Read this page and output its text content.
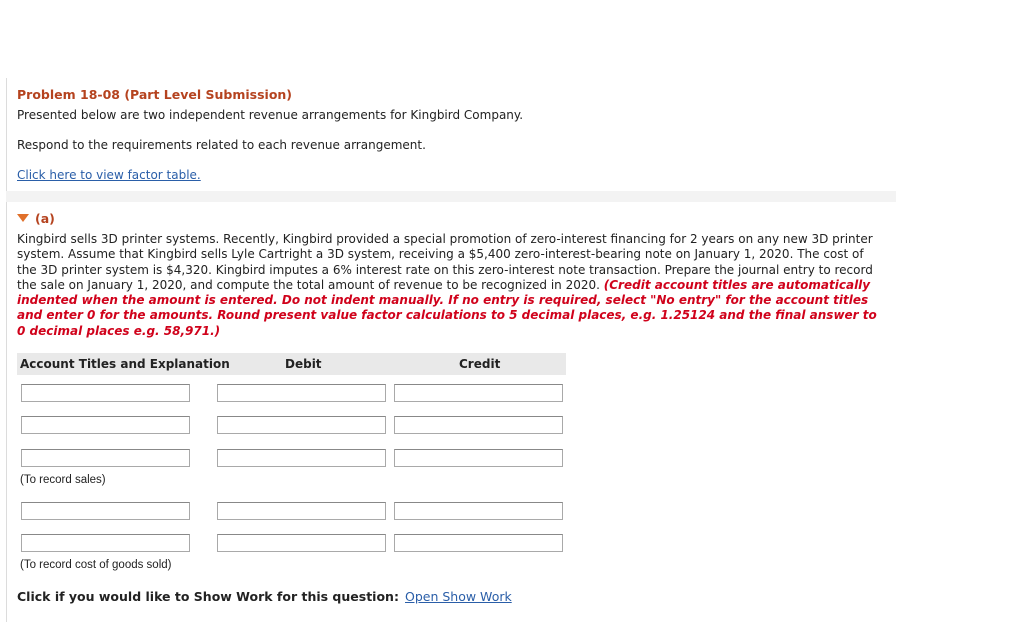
Problem 18-08 (Part Level Submission)
Presented below are two independent revenue arrangements for Kingbird Company.
Respond to the requirements related to each revenue arrangement.
Click here to view factor table.
(a)
Kingbird sells 3D printer systems. Recently, Kingbird provided a special promotion of zero-interest financing for 2 years on any new 3D printer system. Assume that Kingbird sells Lyle Cartright a 3D system, receiving a $5,400 zero-interest-bearing note on January 1, 2020. The cost of the 3D printer system is $4,320. Kingbird imputes a 6% interest rate on this zero-interest note transaction. Prepare the journal entry to record the sale on January 1, 2020, and compute the total amount of revenue to be recognized in 2020. (Credit account titles are automatically indented when the amount is entered. Do not indent manually. If no entry is required, select "No entry" for the account titles and enter 0 for the amounts. Round present value factor calculations to 5 decimal places, e.g. 1.25124 and the final answer to 0 decimal places e.g. 58,971.)
Account Titles and Explanation	Debit	Credit
(To record sales)
(To record cost of goods sold)
Click if you would like to Show Work for this question: Open Show Work
